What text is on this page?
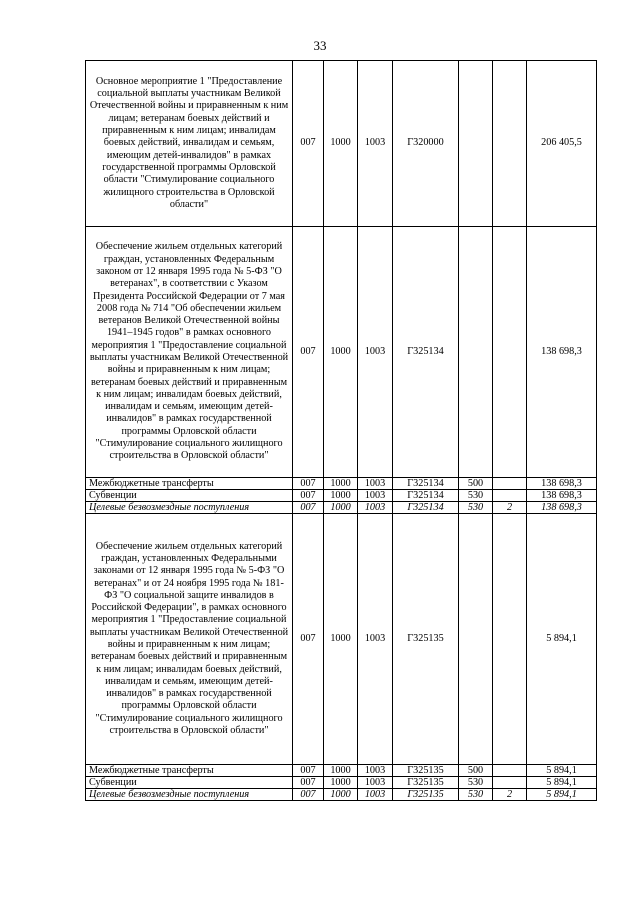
33
Основное мероприятие 1 "Предоставление социальной выплаты участникам Великой Отечественной войны и приравненным к ним лицам; ветеранам боевых действий и приравненным к ним лицам; инвалидам боевых действий, инвалидам и семьям, имеющим детей-инвалидов" в рамках государственной программы Орловской области "Стимулирование социального жилищного строительства в Орловской области"	007	1000	1003	Г320000			206 405,5
Обеспечение жильем отдельных категорий граждан, установленных Федеральным законом от 12 января 1995 года № 5-ФЗ "О ветеранах", в соответствии с Указом Президента Российской Федерации от 7 мая 2008 года № 714 "Об обеспечении жильем ветеранов Великой Отечественной войны 1941–1945 годов" в рамках основного мероприятия 1 "Предоставление социальной выплаты участникам Великой Отечественной войны и приравненным к ним лицам; ветеранам боевых действий и приравненным к ним лицам; инвалидам боевых действий, инвалидам и семьям, имеющим детей-инвалидов" в рамках государственной программы Орловской области "Стимулирование социального жилищного строительства в Орловской области"	007	1000	1003	Г325134			138 698,3
Межбюджетные трансферты	007	1000	1003	Г325134	500		138 698,3
Субвенции	007	1000	1003	Г325134	530		138 698,3
Целевые безвозмездные поступления	007	1000	1003	Г325134	530	2	138 698,3
Обеспечение жильем отдельных категорий граждан, установленных Федеральными законами от 12 января 1995 года № 5-ФЗ "О ветеранах" и от 24 ноября 1995 года № 181-ФЗ "О социальной защите инвалидов в Российской Федерации", в рамках основного мероприятия 1 "Предоставление социальной выплаты участникам Великой Отечественной войны и приравненным к ним лицам; ветеранам боевых действий и приравненным к ним лицам; инвалидам боевых действий, инвалидам и семьям, имеющим детей-инвалидов" в рамках государственной программы Орловской области "Стимулирование социального жилищного строительства в Орловской области"	007	1000	1003	Г325135			5 894,1
Межбюджетные трансферты	007	1000	1003	Г325135	500		5 894,1
Субвенции	007	1000	1003	Г325135	530		5 894,1
Целевые безвозмездные поступления	007	1000	1003	Г325135	530	2	5 894,1
